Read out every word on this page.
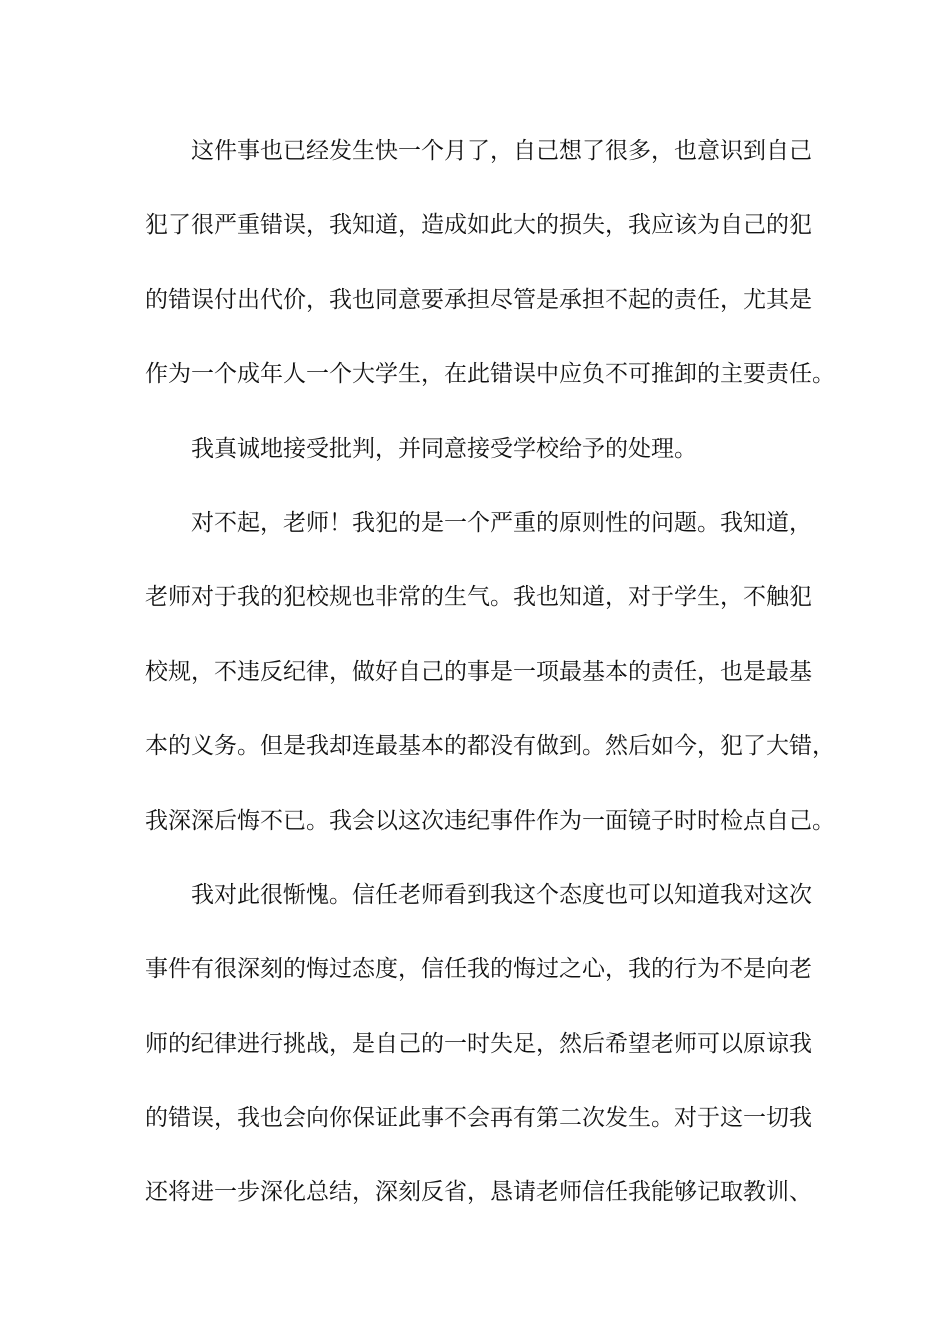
这件事也已经发生快一个月了，自己想了很多，也意识到自己
犯了很严重错误，我知道，造成如此大的损失，我应该为自己的犯
的错误付出代价，我也同意要承担尽管是承担不起的责任，尤其是
作为一个成年人一个大学生，在此错误中应负不可推卸的主要责任。
我真诚地接受批判，并同意接受学校给予的处理。
对不起，老师！我犯的是一个严重的原则性的问题。我知道，
老师对于我的犯校规也非常的生气。我也知道，对于学生，不触犯
校规，不违反纪律，做好自己的事是一项最基本的责任，也是最基
本的义务。但是我却连最基本的都没有做到。然后如今，犯了大错，
我深深后悔不已。我会以这次违纪事件作为一面镜子时时检点自己。
我对此很惭愧。信任老师看到我这个态度也可以知道我对这次
事件有很深刻的悔过态度，信任我的悔过之心，我的行为不是向老
师的纪律进行挑战，是自己的一时失足，然后希望老师可以原谅我
的错误，我也会向你保证此事不会再有第二次发生。对于这一切我
还将进一步深化总结，深刻反省，恳请老师信任我能够记取教训、
